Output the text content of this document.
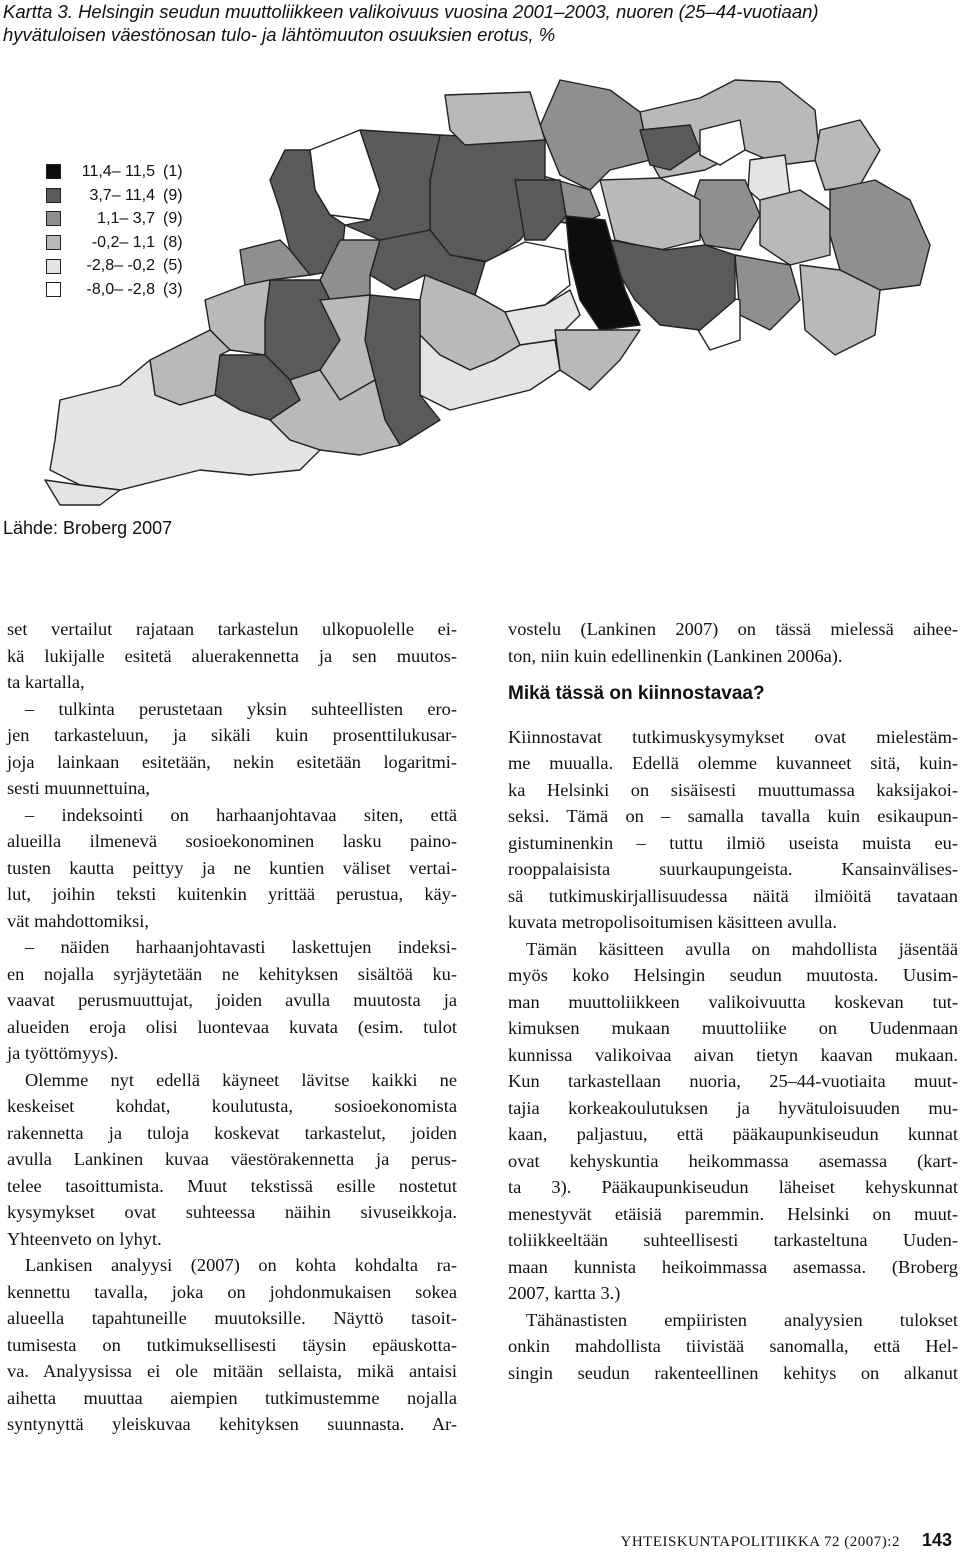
Kartta 3. Helsingin seudun muuttoliikkeen valikoivuus vuosina 2001–2003, nuoren (25–44-vuotiaan)
hyvätuloisen väestönosan tulo- ja lähtömuuton osuuksien erotus, %
11,4– 11,5 (1)
3,7– 11,4 (9)
1,1– 3,7 (9)
-0,2– 1,1 (8)
-2,8– -0,2 (5)
-8,0– -2,8 (3)
Lähde: Broberg 2007
set vertailut rajataan tarkastelun ulkopuolelle ei-
kä lukijalle esitetä aluerakennetta ja sen muutos-
ta kartalla,
– tulkinta perustetaan yksin suhteellisten ero-
jen tarkasteluun, ja sikäli kuin prosenttilukusar-
joja lainkaan esitetään, nekin esitetään logaritmi-
sesti muunnettuina,
– indeksointi on harhaanjohtavaa siten, että
alueilla ilmenevä sosioekonominen lasku paino-
tusten kautta peittyy ja ne kuntien väliset vertai-
lut, joihin teksti kuitenkin yrittää perustua, käy-
vät mahdottomiksi,
– näiden harhaanjohtavasti laskettujen indeksi-
en nojalla syrjäytetään ne kehityksen sisältöä ku-
vaavat perusmuuttujat, joiden avulla muutosta ja
alueiden eroja olisi luontevaa kuvata (esim. tulot
ja työttömyys).
Olemme nyt edellä käyneet lävitse kaikki ne
keskeiset kohdat, koulutusta, sosioekonomista
rakennetta ja tuloja koskevat tarkastelut, joiden
avulla Lankinen kuvaa väestörakennetta ja perus-
telee tasoittumista. Muut tekstissä esille nostetut
kysymykset ovat suhteessa näihin sivuseikkoja.
Yhteenveto on lyhyt.
Lankisen analyysi (2007) on kohta kohdalta ra-
kennettu tavalla, joka on johdonmukaisen sokea
alueella tapahtuneille muutoksille. Näyttö tasoit-
tumisesta on tutkimuksellisesti täysin epäuskotta-
va. Analyysissa ei ole mitään sellaista, mikä antaisi
aihetta muuttaa aiempien tutkimustemme nojalla
syntynyttä yleiskuvaa kehityksen suunnasta. Ar-
vostelu (Lankinen 2007) on tässä mielessä aihee-
ton, niin kuin edellinenkin (Lankinen 2006a).
Mikä tässä on kiinnostavaa?
Kiinnostavat tutkimuskysymykset ovat mielestäm-
me muualla. Edellä olemme kuvanneet sitä, kuin-
ka Helsinki on sisäisesti muuttumassa kaksijakoi-
seksi. Tämä on – samalla tavalla kuin esikaupun-
gistuminenkin – tuttu ilmiö useista muista eu-
rooppalaisista suurkaupungeista. Kansainvälises-
sä tutkimuskirjallisuudessa näitä ilmiöitä tavataan
kuvata metropolisoitumisen käsitteen avulla.
Tämän käsitteen avulla on mahdollista jäsentää
myös koko Helsingin seudun muutosta. Uusim-
man muuttoliikkeen valikoivuutta koskevan tut-
kimuksen mukaan muuttoliike on Uudenmaan
kunnissa valikoivaa aivan tietyn kaavan mukaan.
Kun tarkastellaan nuoria, 25–44-vuotiaita muut-
tajia korkeakoulutuksen ja hyvätuloisuuden mu-
kaan, paljastuu, että pääkaupunkiseudun kunnat
ovat kehyskuntia heikommassa asemassa (kart-
ta 3). Pääkaupunkiseudun läheiset kehyskunnat
menestyvät etäisiä paremmin. Helsinki on muut-
toliikkeeltään suhteellisesti tarkasteltuna Uuden-
maan kunnista heikoimmassa asemassa. (Broberg
2007, kartta 3.)
Tähänastisten empiiristen analyysien tulokset
onkin mahdollista tiivistää sanomalla, että Hel-
singin seudun rakenteellinen kehitys on alkanut
YHTEISKUNTAPOLITIIKKA 72 (2007):2 143
